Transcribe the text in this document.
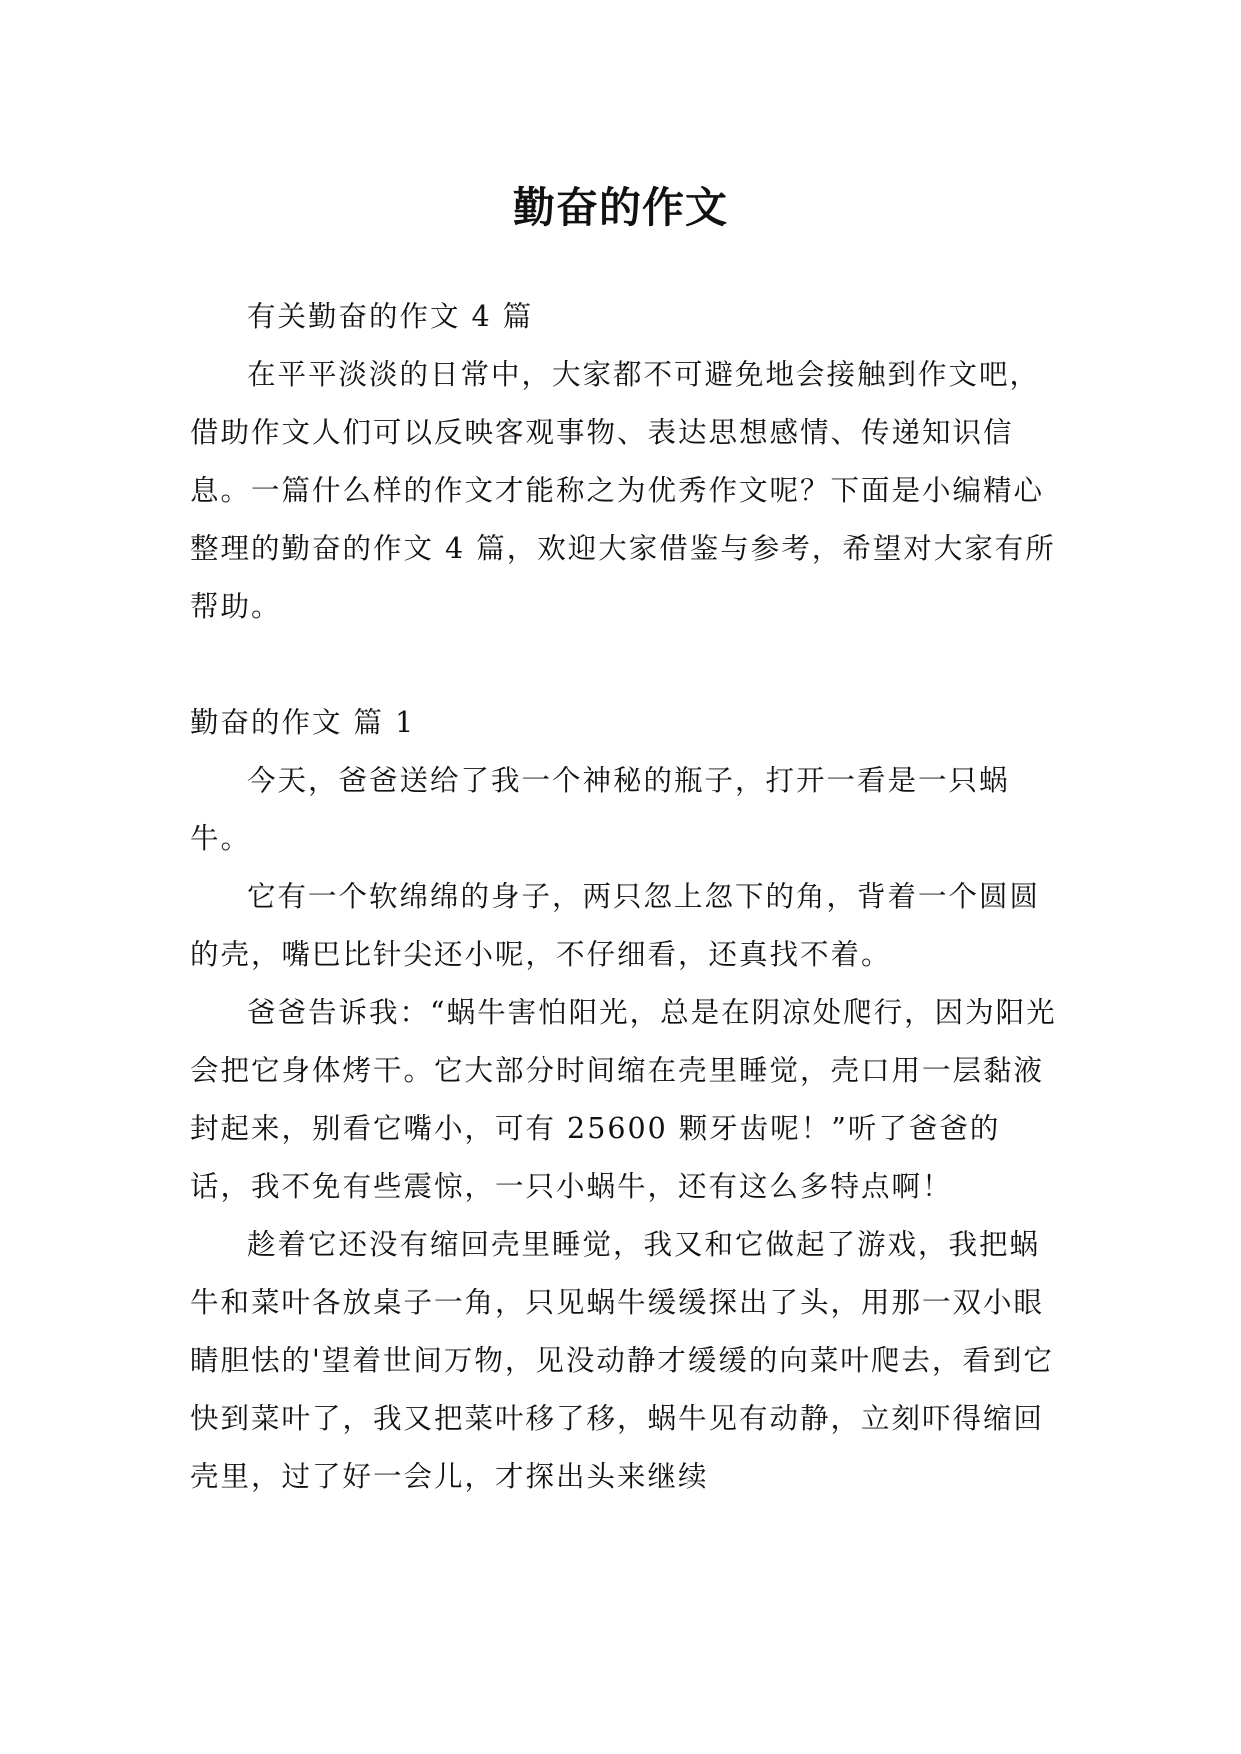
勤奋的作文

有关勤奋的作文 4 篇

在平平淡淡的日常中，大家都不可避免地会接触到作文吧，借助作文人们可以反映客观事物、表达思想感情、传递知识信息。一篇什么样的作文才能称之为优秀作文呢？下面是小编精心整理的勤奋的作文 4 篇，欢迎大家借鉴与参考，希望对大家有所帮助。

勤奋的作文 篇 1

今天，爸爸送给了我一个神秘的瓶子，打开一看是一只蜗牛。

它有一个软绵绵的身子，两只忽上忽下的角，背着一个圆圆的壳，嘴巴比针尖还小呢，不仔细看，还真找不着。

爸爸告诉我：“蜗牛害怕阳光，总是在阴凉处爬行，因为阳光会把它身体烤干。它大部分时间缩在壳里睡觉，壳口用一层黏液封起来，别看它嘴小，可有 25600 颗牙齿呢！”听了爸爸的话，我不免有些震惊，一只小蜗牛，还有这么多特点啊！

趁着它还没有缩回壳里睡觉，我又和它做起了游戏，我把蜗牛和菜叶各放桌子一角，只见蜗牛缓缓探出了头，用那一双小眼睛胆怯的'望着世间万物，见没动静才缓缓的向菜叶爬去，看到它快到菜叶了，我又把菜叶移了移，蜗牛见有动静，立刻吓得缩回壳里，过了好一会儿，才探出头来继续
